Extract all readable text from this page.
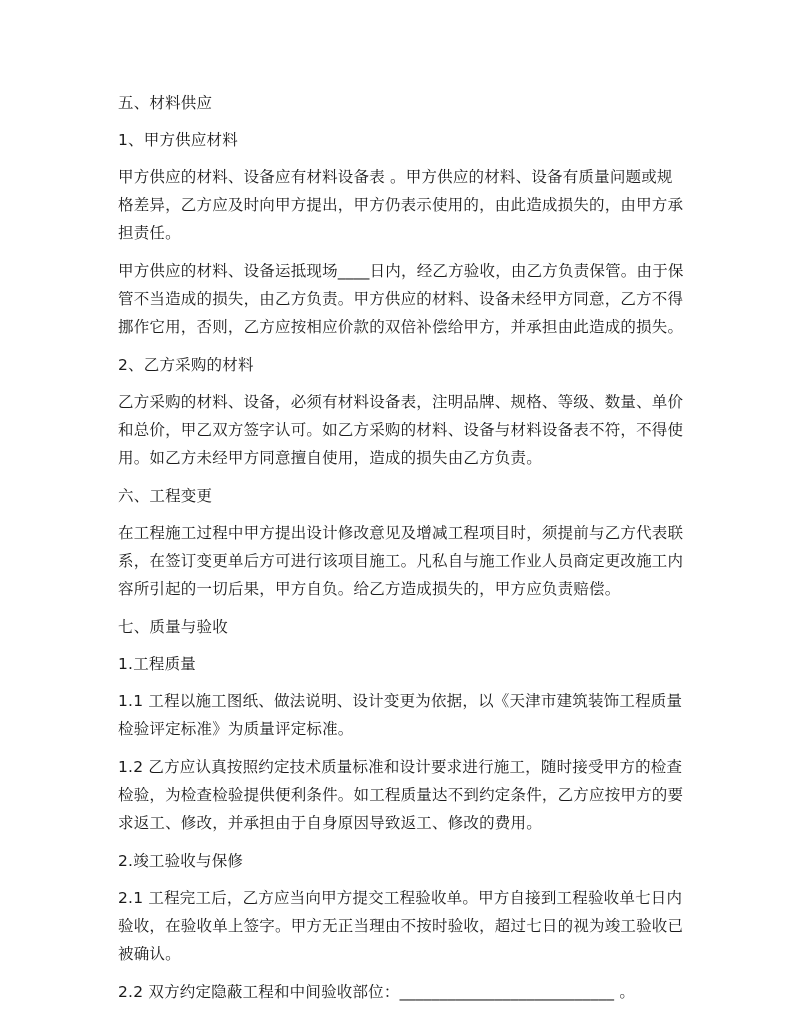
五、材料供应

1、甲方供应材料

甲方供应的材料、设备应有材料设备表 。甲方供应的材料、设备有质量问题或规格差异，乙方应及时向甲方提出，甲方仍表示使用的，由此造成损失的，由甲方承担责任。

甲方供应的材料、设备运抵现场____日内，经乙方验收，由乙方负责保管。由于保管不当造成的损失，由乙方负责。甲方供应的材料、设备未经甲方同意，乙方不得挪作它用，否则，乙方应按相应价款的双倍补偿给甲方，并承担由此造成的损失。

2、乙方采购的材料

乙方采购的材料、设备，必须有材料设备表，注明品牌、规格、等级、数量、单价和总价，甲乙双方签字认可。如乙方采购的材料、设备与材料设备表不符，不得使用。如乙方未经甲方同意擅自使用，造成的损失由乙方负责。

六、工程变更

在工程施工过程中甲方提出设计修改意见及增减工程项目时，须提前与乙方代表联系，在签订变更单后方可进行该项目施工。凡私自与施工作业人员商定更改施工内容所引起的一切后果，甲方自负。给乙方造成损失的，甲方应负责赔偿。

七、质量与验收

1.工程质量

1.1 工程以施工图纸、做法说明、设计变更为依据，以《天津市建筑装饰工程质量检验评定标准》为质量评定标准。

1.2 乙方应认真按照约定技术质量标准和设计要求进行施工，随时接受甲方的检查检验，为检查检验提供便利条件。如工程质量达不到约定条件，乙方应按甲方的要求返工、修改，并承担由于自身原因导致返工、修改的费用。

2.竣工验收与保修

2.1 工程完工后，乙方应当向甲方提交工程验收单。甲方自接到工程验收单七日内验收，在验收单上签字。甲方无正当理由不按时验收，超过七日的视为竣工验收已被确认。

2.2 双方约定隐蔽工程和中间验收部位：___________________________ 。
